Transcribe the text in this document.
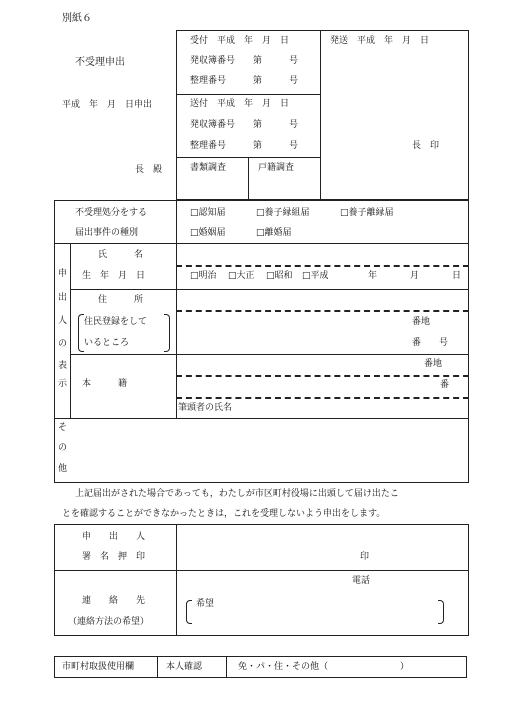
別紙６
不受理申出
平成　年　月　日申出
長　殿
受付　平成　年　月　日
発収簿番号　　第　　　号
整理番号　　　第　　　号
送付　平成　年　月　日
発収簿番号　　第　　　号
整理番号　　　第　　　号
発送　平成　年　月　日
長　印
書類調査	戸籍調査
不受理処分をする
届出事件の種別
□認知届	□養子縁組届	□養子離縁届
□婚姻届	□離婚届
申
出
人
の
表
示
氏　　　名
生　年　月　日	□明治 □大正 □昭和 □平成	年	月	日
住　　　所
住民登録をして
いるところ
番地
番　　号
本　　　籍
番地
番
筆頭者の氏名
そ
の
他
上記届出がされた場合であっても，わたしが市区町村役場に出頭して届け出たこ
とを確認することができなかったときは，これを受理しないよう申出をします。
申　　出　　人
署　名　押　印	印
連　　絡　　先
（連絡方法の希望）
電話
希望
市町村取扱使用欄	本人確認	免・パ・住・その他（　　　　　　　　）
